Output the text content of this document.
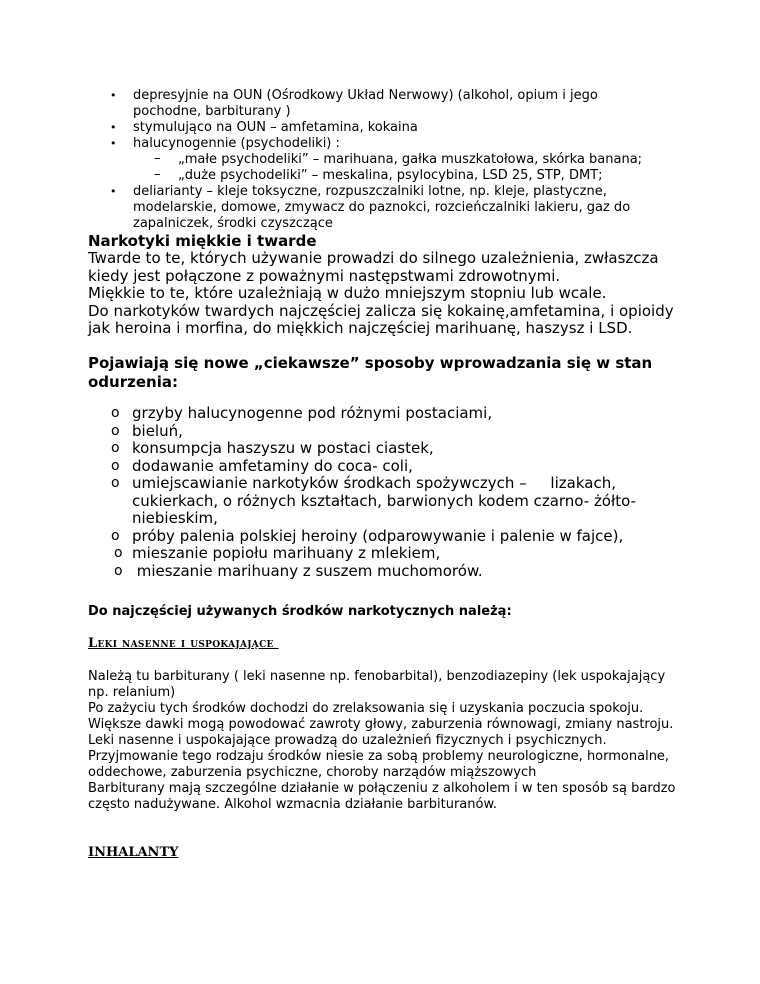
• depresyjnie na OUN (Ośrodkowy Układ Nerwowy) (alkohol, opium i jego pochodne, barbiturany )
• stymulująco na OUN – amfetamina, kokaina
• halucynogennie (psychodeliki) :
– „małe psychodeliki” – marihuana, gałka muszkatołowa, skórka banana;
– „duże psychodeliki” – meskalina, psylocybina, LSD 25, STP, DMT;
• deliarianty – kleje toksyczne, rozpuszczalniki lotne, np. kleje, plastyczne, modelarskie, domowe, zmywacz do paznokci, rozcieńczalniki lakieru, gaz do zapalniczek, środki czyszczące
Narkotyki miękkie i twarde

Twarde to te, których używanie prowadzi do silnego uzależnienia, zwłaszcza kiedy jest połączone z poważnymi następstwami zdrowotnymi.

Miękkie to te, które uzależniają w dużo mniejszym stopniu lub wcale.

Do narkotyków twardych najczęściej zalicza się kokainę,amfetamina, i opioidy jak heroina i morfina, do miękkich najczęściej marihuanę, haszysz i LSD.

Pojawiają się nowe „ciekawsze” sposoby wprowadzania się w stan odurzenia:
o grzyby halucynogenne pod różnymi postaciami,
o bieluń,
o konsumpcja haszyszu w postaci ciastek,
o dodawanie amfetaminy do coca- coli,
o umiejscawianie narkotyków środkach spożywczych –     lizakach, cukierkach, o różnych kształtach, barwionych kodem czarno- żółto- niebieskim,
o próby palenia polskiej heroiny (odparowywanie i palenie w fajce),
o mieszanie popiołu marihuany z mlekiem,
o mieszanie marihuany z suszem muchomorów.
Do najczęściej używanych środków narkotycznych należą:
Leki nasenne i uspokajające

Należą tu barbiturany ( leki nasenne np. fenobarbital), benzodiazepiny (lek uspokajający np. relanium)

Po zażyciu tych środków dochodzi do zrelaksowania się i uzyskania poczucia spokoju. Większe dawki mogą powodować zawroty głowy, zaburzenia równowagi, zmiany nastroju.

Leki nasenne i uspokajające prowadzą do uzależnień fizycznych i psychicznych. Przyjmowanie tego rodzaju środków niesie za sobą problemy neurologiczne, hormonalne, oddechowe, zaburzenia psychiczne, choroby narządów miąższowych

Barbiturany mają szczególne działanie w połączeniu z alkoholem i w ten sposób są bardzo często nadużywane. Alkohol wzmacnia działanie barbituranów.

INHALANTY
